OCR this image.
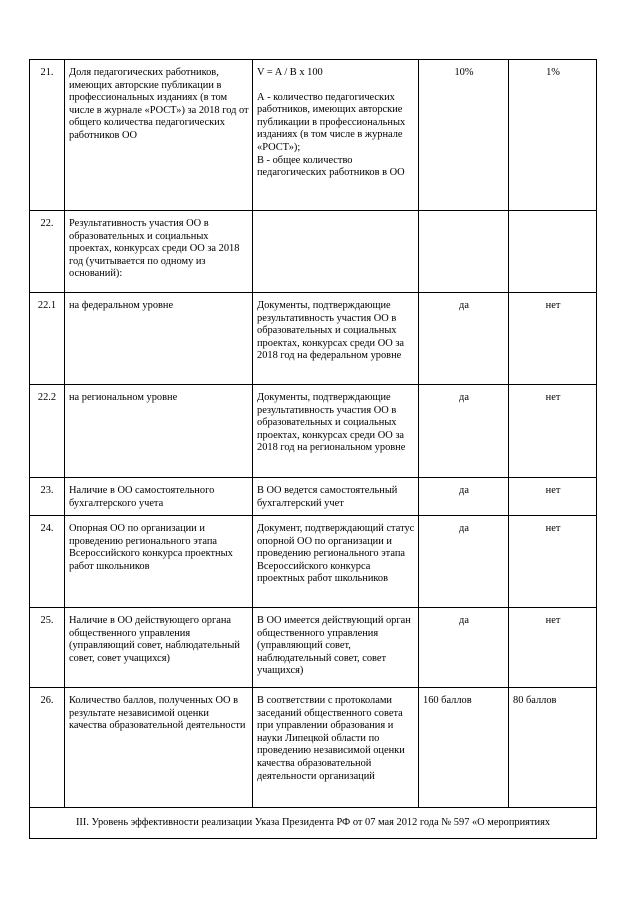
21.	Доля педагогических работников, имеющих авторские публикации в профессиональных изданиях (в том числе в журнале «РОСТ») за 2018 год от общего количества педагогических работников ОО	V = A / B х 100
А - количество педагогических работников, имеющих авторские публикации в профессиональных изданиях (в том числе в журнале «РОСТ»);
В - общее количество педагогических работников в ОО	10%	1%
22.	Результативность участия ОО в образовательных и социальных проектах, конкурсах среди ОО за 2018 год (учитывается по одному из оснований):			
22.1	на федеральном уровне	Документы, подтверждающие результативность участия ОО в образовательных и социальных проектах, конкурсах среди ОО за 2018 год на федеральном уровне	да	нет
22.2	на региональном уровне	Документы, подтверждающие результативность участия ОО в образовательных и социальных проектах, конкурсах среди ОО за 2018 год на региональном уровне	да	нет
23.	Наличие в ОО самостоятельного бухгалтерского учета	В ОО ведется самостоятельный бухгалтерский учет	да	нет
24.	Опорная ОО по организации и проведению регионального этапа Всероссийского конкурса проектных работ школьников	Документ, подтверждающий статус опорной ОО по организации и проведению регионального этапа Всероссийского конкурса проектных работ школьников	да	нет
25.	Наличие в ОО действующего органа общественного управления (управляющий совет, наблюдательный совет, совет учащихся)	В ОО имеется действующий орган общественного управления (управляющий совет, наблюдательный совет, совет учащихся)	да	нет
26.	Количество баллов, полученных ОО в результате независимой оценки качества образовательной деятельности	В соответствии с протоколами заседаний общественного совета при управлении образования и науки Липецкой области по проведению независимой оценки качества образовательной деятельности организаций	160 баллов	80 баллов
III. Уровень эффективности реализации Указа Президента РФ от 07 мая 2012 года № 597 «О мероприятиях				
